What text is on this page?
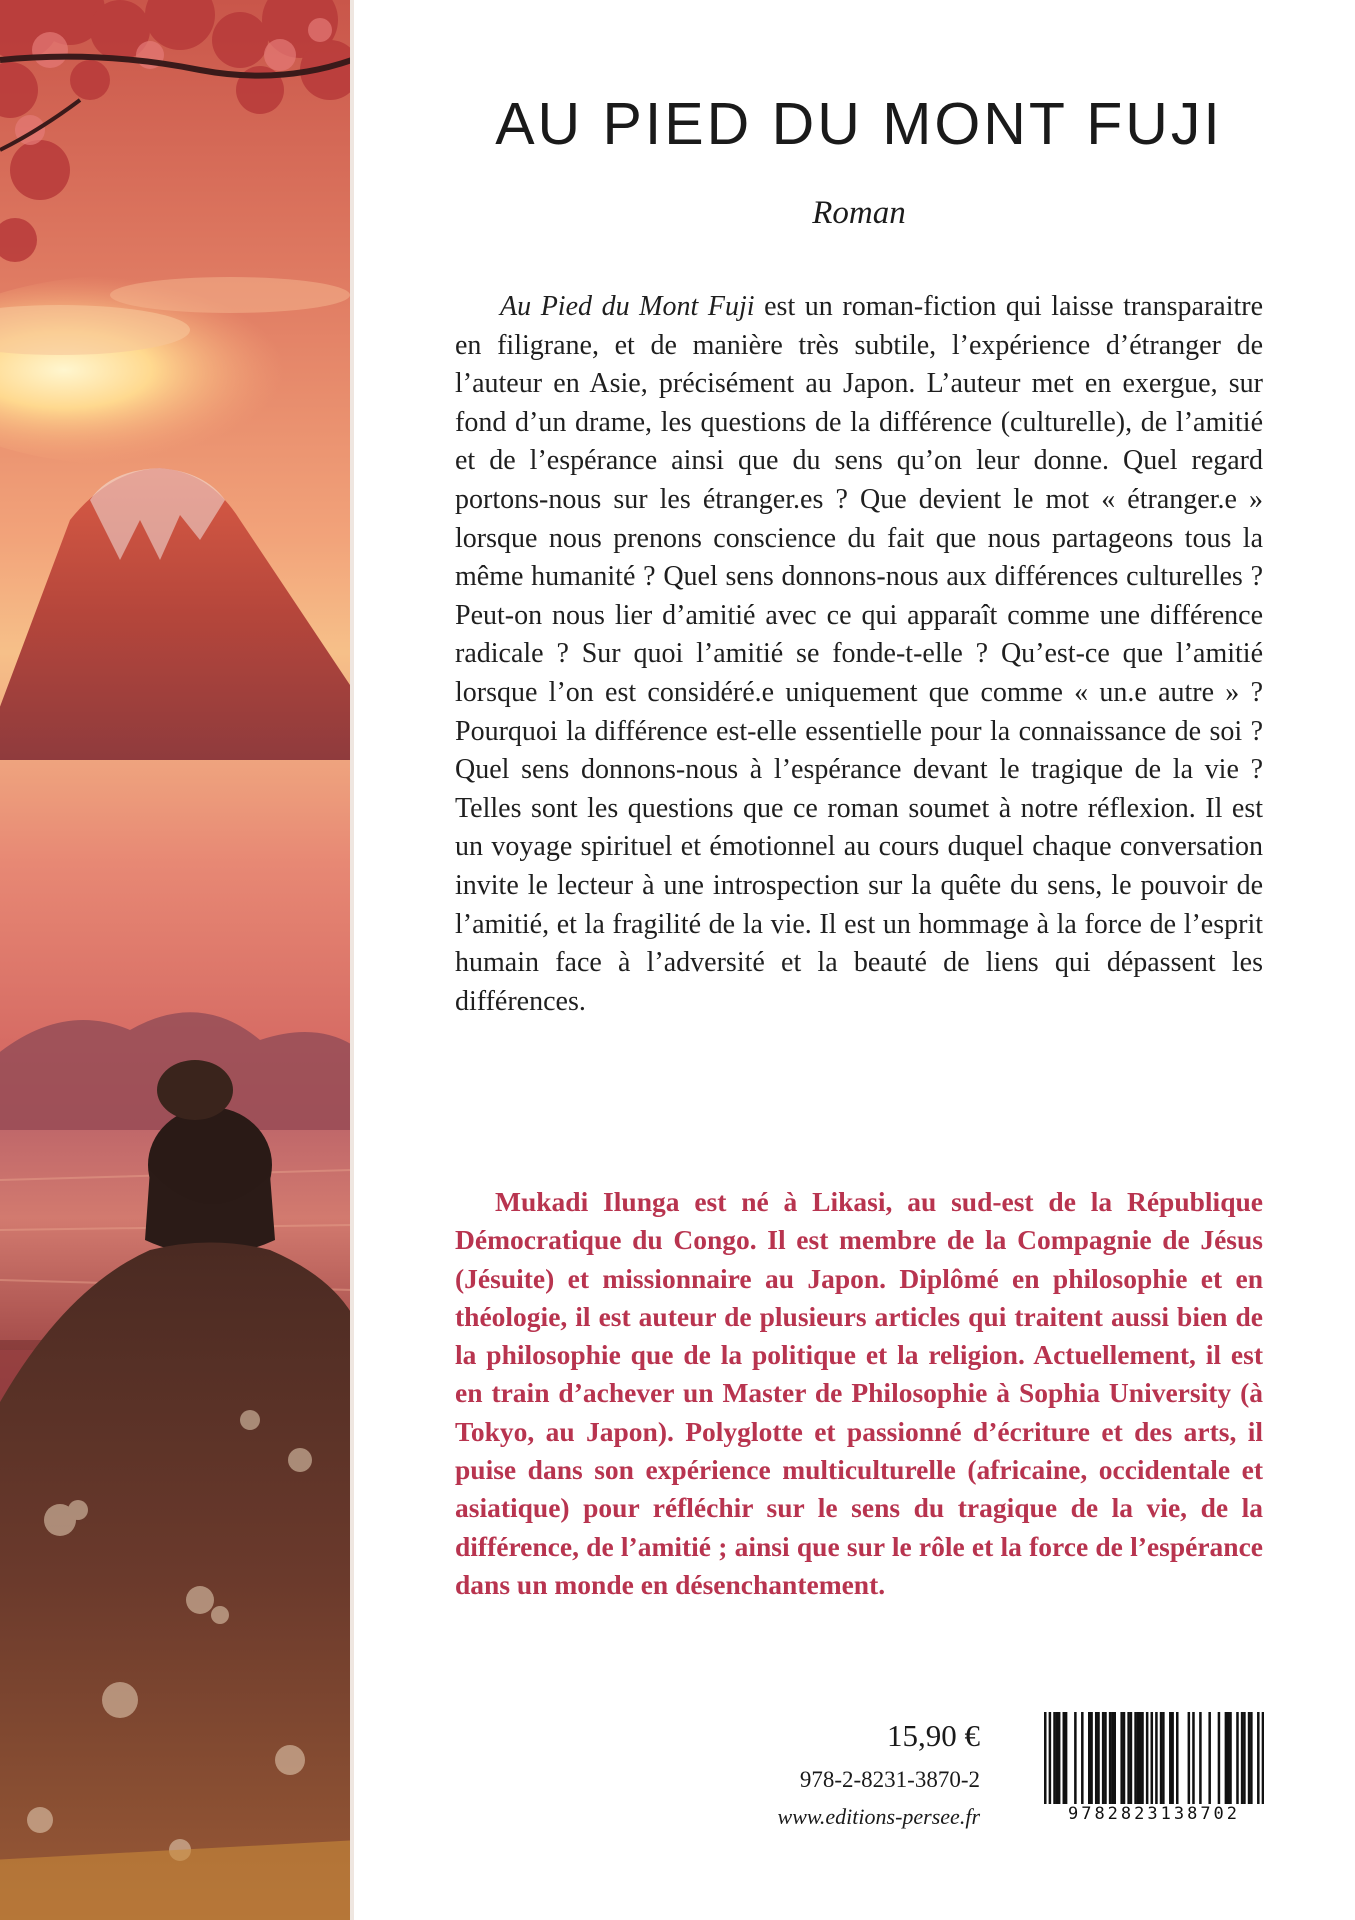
AU PIED DU MONT FUJI
Roman

Au Pied du Mont Fuji est un roman-fiction qui laisse transparaitre en filigrane, et de manière très subtile, l’expérience d’étranger de l’auteur en Asie, précisément au Japon. L’auteur met en exergue, sur fond d’un drame, les questions de la différence (culturelle), de l’amitié et de l’espérance ainsi que du sens qu’on leur donne. Quel regard portons-nous sur les étranger.es ? Que devient le mot « étranger.e » lorsque nous prenons conscience du fait que nous partageons tous la même humanité ? Quel sens donnons-nous aux différences culturelles ? Peut-on nous lier d’amitié avec ce qui apparaît comme une différence radicale ? Sur quoi l’amitié se fonde-t-elle ? Qu’est-ce que l’amitié lorsque l’on est considéré.e uniquement que comme « un.e autre » ? Pourquoi la différence est-elle essentielle pour la connaissance de soi ? Quel sens donnons-nous à l’espérance devant le tragique de la vie ? Telles sont les questions que ce roman soumet à notre réflexion. Il est un voyage spirituel et émotionnel au cours duquel chaque conversation invite le lecteur à une introspection sur la quête du sens, le pouvoir de l’amitié, et la fragilité de la vie. Il est un hommage à la force de l’esprit humain face à l’adversité et la beauté de liens qui dépassent les différences.

Mukadi Ilunga est né à Likasi, au sud-est de la République Démocratique du Congo. Il est membre de la Compagnie de Jésus (Jésuite) et missionnaire au Japon. Diplômé en philosophie et en théologie, il est auteur de plusieurs articles qui traitent aussi bien de la philosophie que de la politique et la religion. Actuellement, il est en train d’achever un Master de Philosophie à Sophia University (à Tokyo, au Japon). Polyglotte et passionné d’écriture et des arts, il puise dans son expérience multiculturelle (africaine, occidentale et asiatique) pour réfléchir sur le sens du tragique de la vie, de la différence, de l’amitié ; ainsi que sur le rôle et la force de l’espérance dans un monde en désenchantement.

15,90 €
978-2-8231-3870-2
www.editions-persee.fr	9782823138702
